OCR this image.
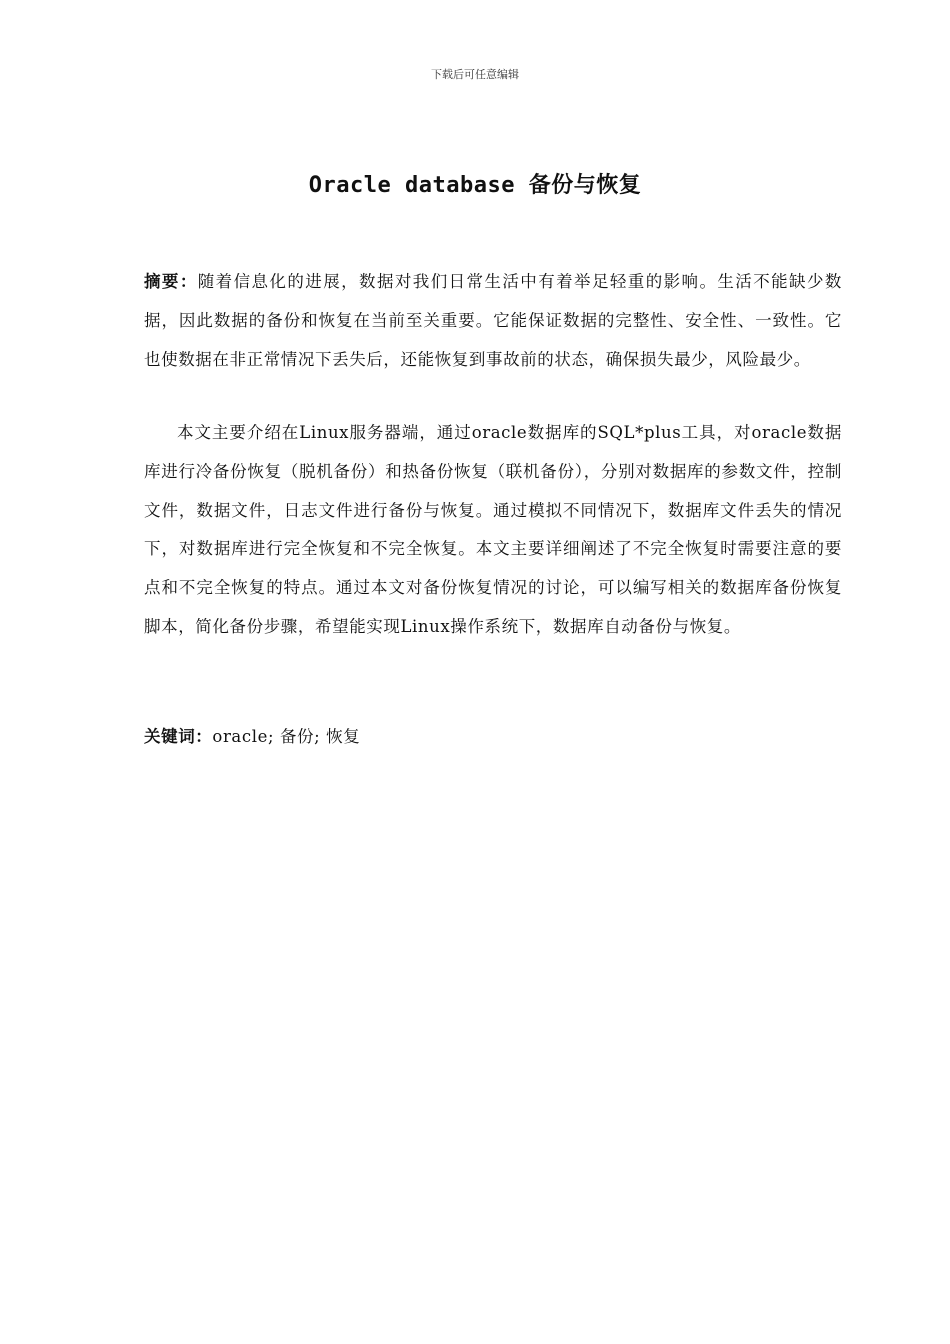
下载后可任意编辑
Oracle database 备份与恢复
摘要：随着信息化的进展，数据对我们日常生活中有着举足轻重的影响。生活不能缺少数据，因此数据的备份和恢复在当前至关重要。它能保证数据的完整性、安全性、一致性。它也使数据在非正常情况下丢失后，还能恢复到事故前的状态，确保损失最少，风险最少。
本文主要介绍在Linux服务器端，通过oracle数据库的SQL*plus工具，对oracle数据库进行冷备份恢复（脱机备份）和热备份恢复（联机备份），分别对数据库的参数文件，控制文件，数据文件，日志文件进行备份与恢复。通过模拟不同情况下，数据库文件丢失的情况下，对数据库进行完全恢复和不完全恢复。本文主要详细阐述了不完全恢复时需要注意的要点和不完全恢复的特点。通过本文对备份恢复情况的讨论，可以编写相关的数据库备份恢复脚本，简化备份步骤，希望能实现Linux操作系统下，数据库自动备份与恢复。
关键词：oracle; 备份; 恢复
